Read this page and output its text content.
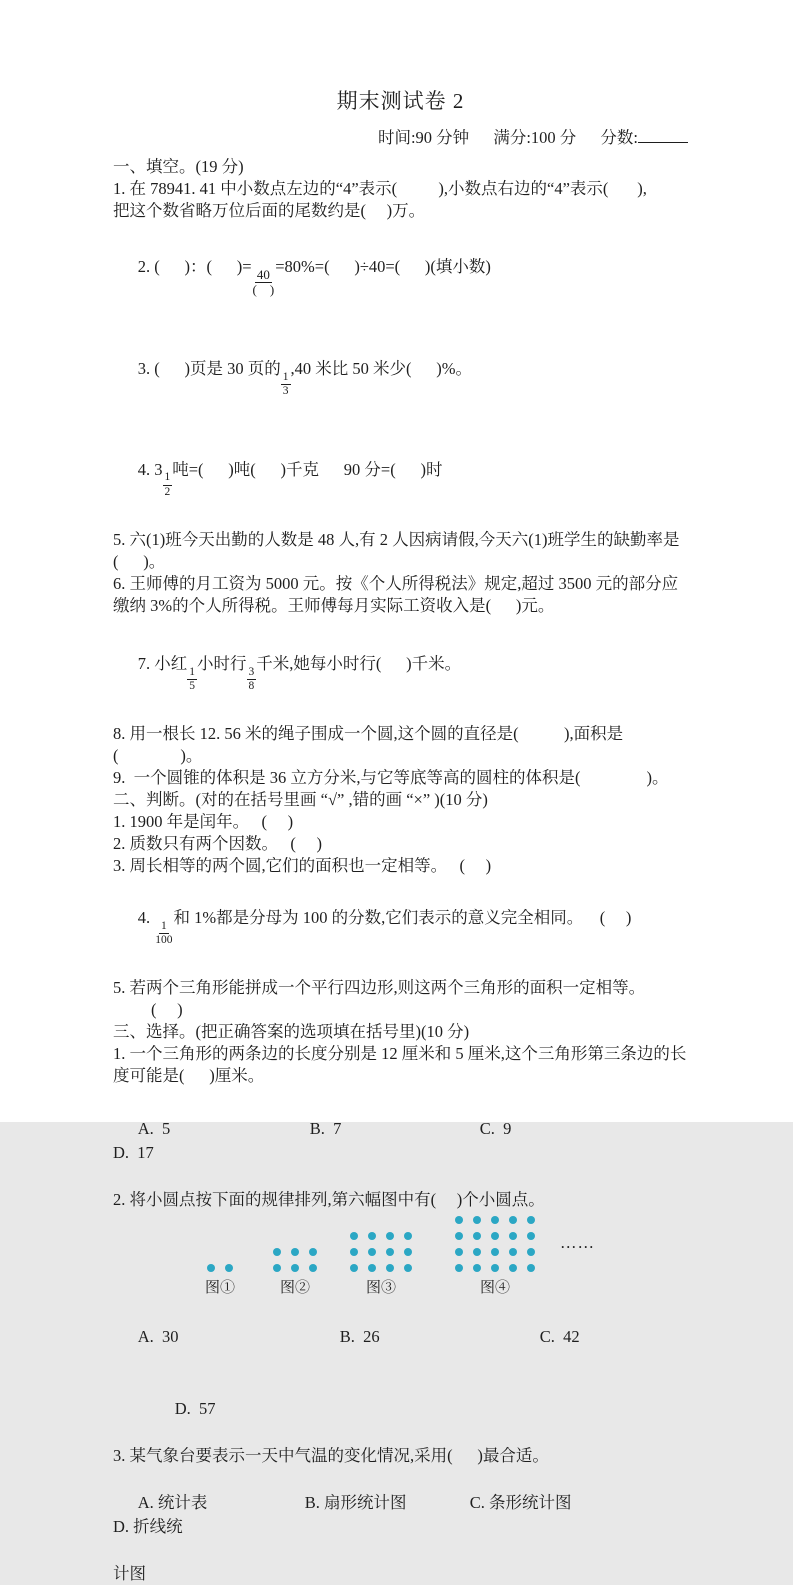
期末测试卷 2
时间:90 分钟 满分:100 分 分数:
一、填空。(19 分)
1. 在 78941. 41 中小数点左边的“4”表示(          ),小数点右边的“4”表示(       ),
把这个数省略万位后面的尾数约是(     )万。

2. (      )：(      )=
$\frac{40}{( )}$
=80%=(      )÷40=(      )(填小数)

3. (      )页是 30 页的
$\frac{1}{3}$
,40 米比 50 米少(      )%。

4. 3
$\frac{1}{2}$
吨=(      )吨(      )千克      90 分=(      )时

5. 六(1)班今天出勤的人数是 48 人,有 2 人因病请假,今天六(1)班学生的缺勤率是
(      )。
6. 王师傅的月工资为 5000 元。按《个人所得税法》规定,超过 3500 元的部分应
缴纳 3%的个人所得税。王师傅每月实际工资收入是(      )元。

7. 小红
$\frac{1}{5}$
小时行
$\frac{3}{8}$
千米,她每小时行(      )千米。

8. 用一根长 12. 56 米的绳子围成一个圆,这个圆的直径是(           ),面积是
(               )。
9.  一个圆锥的体积是 36 立方分米,与它等底等高的圆柱的体积是(                )。
二、判断。(对的在括号里画 “√” ,错的画 “×” )(10 分)
1. 1900 年是闰年。   (     )
2. 质数只有两个因数。   (     )
3. 周长相等的两个圆,它们的面积也一定相等。   (     )

4.
$\frac{1}{100}$
和 1%都是分母为 100 的分数,它们表示的意义完全相同。    (     )

5. 若两个三角形能拼成一个平行四边形,则这两个三角形的面积一定相等。
(     )
三、选择。(把正确答案的选项填在括号里)(10 分)
1. 一个三角形的两条边的长度分别是 12 厘米和 5 厘米,这个三角形第三条边的长
度可能是(      )厘米。

A.  5	B.  7	C.  9D.  17

2. 将小圆点按下面的规律排列,第六幅图中有(     )个小圆点。
……
图①	图②	图③	图④

A.  30	B.  26	C.  42

D.  57

3. 某气象台要表示一天中气温的变化情况,采用(      )最合适。

A. 统计表	B. 扇形统计图	C. 条形统计图D. 折线统

计图
